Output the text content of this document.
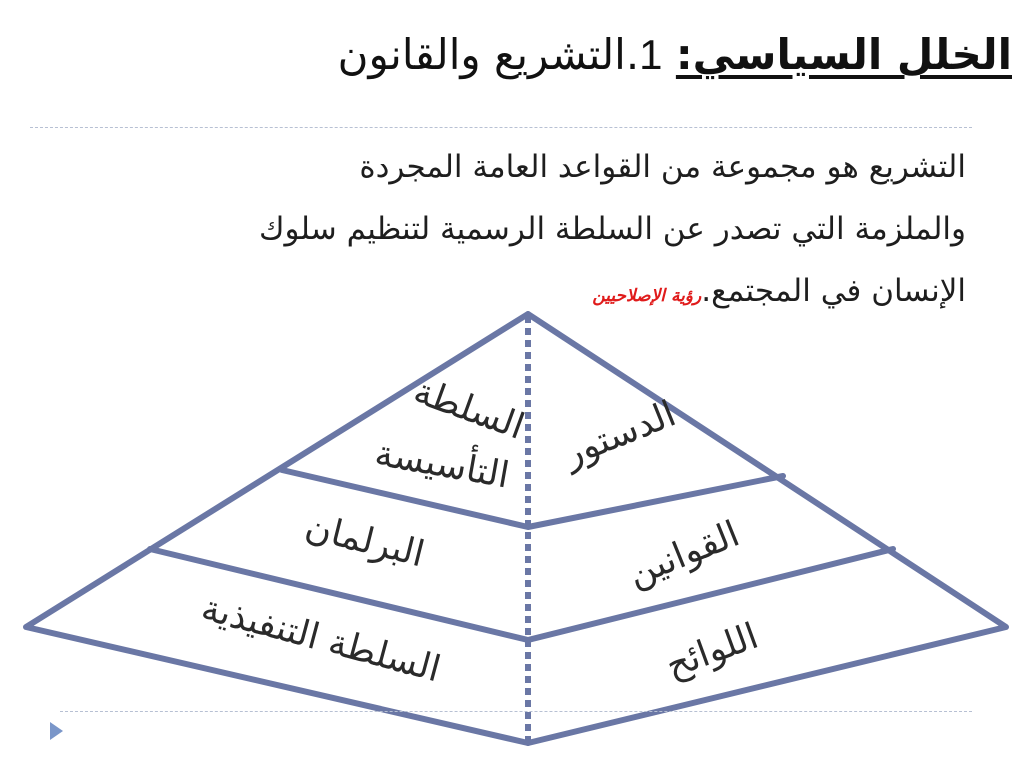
الخلل السياسي: 1.التشريع والقانون
التشريع هو مجموعة من القواعد العامة المجردة
والملزمة التي تصدر عن السلطة الرسمية لتنظيم سلوك
الإنسان في المجتمع.رؤية الإصلاحيين
الدستور
القوانين
اللوائح
السلطة
التأسيسة
البرلمان
السلطة التنفيذية
